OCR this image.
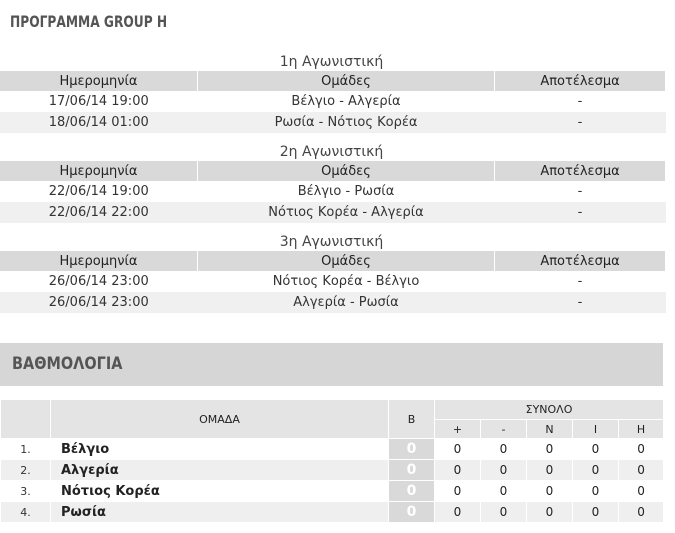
ΠΡΟΓΡΑΜΜΑ GROUP H
1η Αγωνιστική
Ημερομηνία	Ομάδες	Αποτέλεσμα
17/06/14 19:00	Βέλγιο - Αλγερία	-
18/06/14 01:00	Ρωσία - Νότιος Κορέα	-
2η Αγωνιστική
Ημερομηνία	Ομάδες	Αποτέλεσμα
22/06/14 19:00	Βέλγιο - Ρωσία	-
22/06/14 22:00	Νότιος Κορέα - Αλγερία	-
3η Αγωνιστική
Ημερομηνία	Ομάδες	Αποτέλεσμα
26/06/14 23:00	Νότιος Κορέα - Βέλγιο	-
26/06/14 23:00	Αλγερία - Ρωσία	-
ΒΑΘΜΟΛΟΓΙΑ
	ΟΜΑΔΑ	Β	ΣΥΝΟΛΟ				
			+	-	Ν	Ι	Η
1.	Βέλγιο	0	0	0	0	0	0
2.	Αλγερία	0	0	0	0	0	0
3.	Νότιος Κορέα	0	0	0	0	0	0
4.	Ρωσία	0	0	0	0	0	0
